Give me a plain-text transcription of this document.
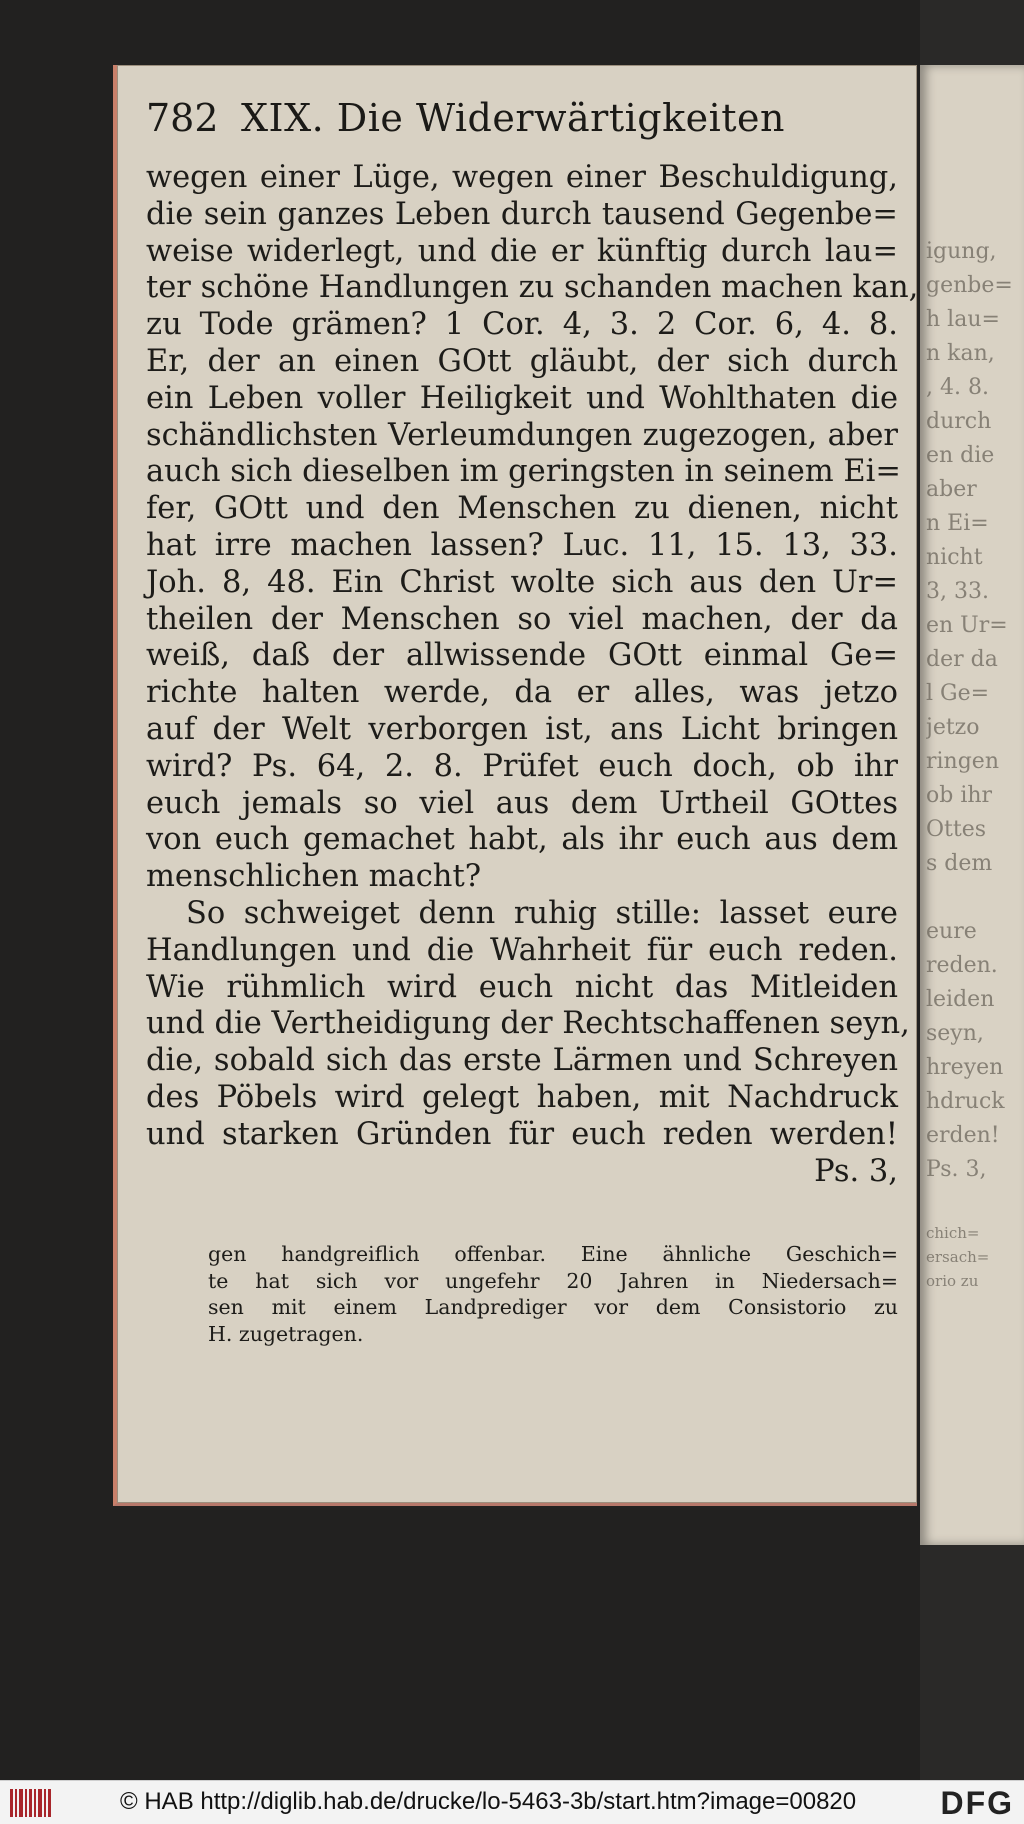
igung,
genbe=
h lau=
n kan,
, 4. 8.
durch
en die
aber
n Ei=
nicht
3, 33.
en Ur=
der da
l Ge=
jetzo
ringen
ob ihr
Ottes
s dem
eure
reden.
leiden
seyn,
hreyen
hdruck
erden!
Ps. 3,
chich=
ersach=
orio zu
782 XIX. Die Widerwärtigkeiten
wegen einer Lüge, wegen einer Beschuldigung,
die sein ganzes Leben durch tausend Gegenbe=
weise widerlegt, und die er künftig durch lau=
ter schöne Handlungen zu schanden machen kan,
zu Tode grämen? 1 Cor. 4, 3. 2 Cor. 6, 4. 8.
Er, der an einen GOtt gläubt, der sich durch
ein Leben voller Heiligkeit und Wohlthaten die
schändlichsten Verleumdungen zugezogen, aber
auch sich dieselben im geringsten in seinem Ei=
fer, GOtt und den Menschen zu dienen, nicht
hat irre machen lassen? Luc. 11, 15. 13, 33.
Joh. 8, 48. Ein Christ wolte sich aus den Ur=
theilen der Menschen so viel machen, der da
weiß, daß der allwissende GOtt einmal Ge=
richte halten werde, da er alles, was jetzo
auf der Welt verborgen ist, ans Licht bringen
wird? Ps. 64, 2. 8. Prüfet euch doch, ob ihr
euch jemals so viel aus dem Urtheil GOttes
von euch gemachet habt, als ihr euch aus dem
menschlichen macht?
So schweiget denn ruhig stille: lasset eure
Handlungen und die Wahrheit für euch reden.
Wie rühmlich wird euch nicht das Mitleiden
und die Vertheidigung der Rechtschaffenen seyn,
die, sobald sich das erste Lärmen und Schreyen
des Pöbels wird gelegt haben, mit Nachdruck
und starken Gründen für euch reden werden!
Ps. 3,
gen handgreiflich offenbar. Eine ähnliche Geschich=
te hat sich vor ungefehr 20 Jahren in Niedersach=
sen mit einem Landprediger vor dem Consistorio zu
H. zugetragen.
© HAB http://diglib.hab.de/drucke/lo-5463-3b/start.htm?image=00820	DFG
